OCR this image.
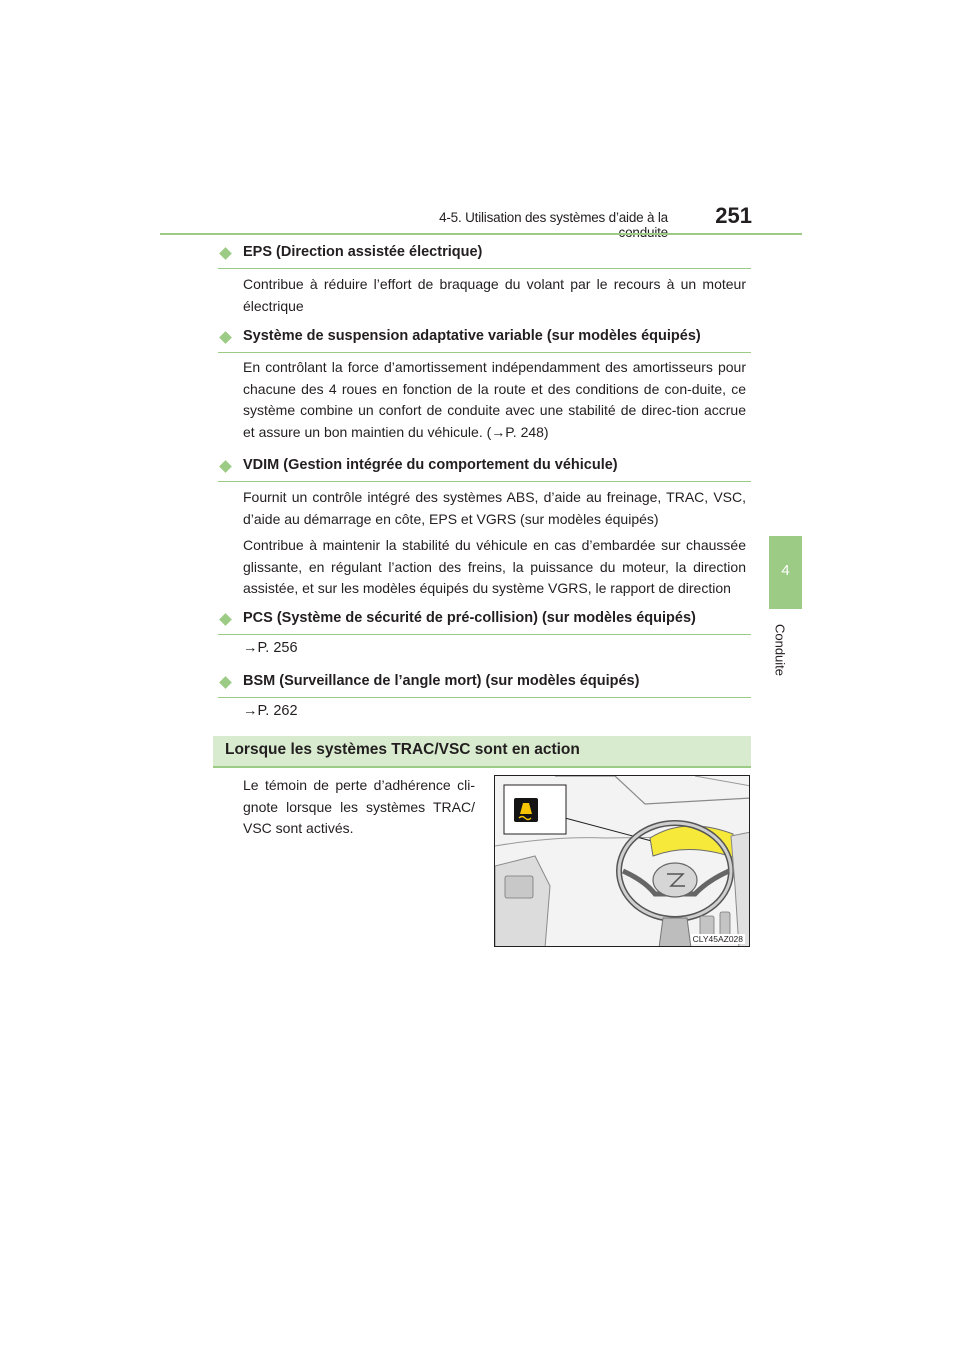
4-5. Utilisation des systèmes d’aide à la	251
4
Conduite
EPS (Direction assistée électrique)

Contribue à réduire l’effort de braquage du volant par le recours à un moteur électrique

Système de suspension adaptative variable (sur modèles équipés)

En contrôlant la force d’amortissement indépendamment des amortisseurs pour chacune des 4 roues en fonction de la route et des conditions de con-duite, ce système combine un confort de conduite avec une stabilité de direc-tion accrue et assure un bon maintien du véhicule. (→P. 248)

VDIM (Gestion intégrée du comportement du véhicule)

Fournit un contrôle intégré des systèmes ABS, d’aide au freinage, TRAC, VSC, d’aide au démarrage en côte, EPS et VGRS (sur modèles équipés)

Contribue à maintenir la stabilité du véhicule en cas d’embardée sur chaussée glissante, en régulant l’action des freins, la puissance du moteur, la direction assistée, et sur les modèles équipés du système VGRS, le rapport de direction

PCS (Système de sécurité de pré-collision) (sur modèles équipés)
→P. 256
BSM (Surveillance de l’angle mort) (sur modèles équipés)
→P. 262
Lorsque les systèmes TRAC/VSC sont en action

Le témoin de perte d’adhérence cli-gnote lorsque les systèmes TRAC/ VSC sont activés.

CLY45AZ028
